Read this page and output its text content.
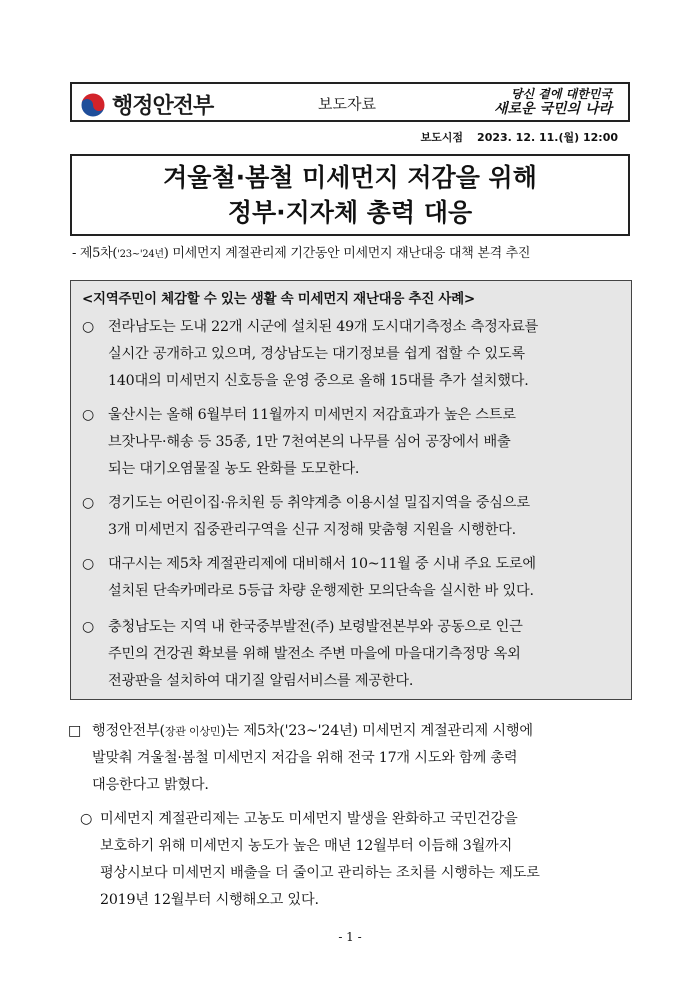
행정안전부	보도자료
당신 곁에 대한민국
새로운 국민의 나라
보도시점 2023. 12. 11.(월) 12:00
겨울철·봄철 미세먼지 저감을 위해
정부·지자체 총력 대응
- 제5차('23~'24년) 미세먼지 계절관리제 기간동안 미세먼지 재난대응 대책 본격 추진
<지역주민이 체감할 수 있는 생활 속 미세먼지 재난대응 추진 사례>
○ 전라남도는 도내 22개 시군에 설치된 49개 도시대기측정소 측정자료를
실시간 공개하고 있으며, 경상남도는 대기정보를 쉽게 접할 수 있도록
140대의 미세먼지 신호등을 운영 중으로 올해 15대를 추가 설치했다.

○ 울산시는 올해 6월부터 11월까지 미세먼지 저감효과가 높은 스트로
브잣나무·해송 등 35종, 1만 7천여본의 나무를 심어 공장에서 배출
되는 대기오염물질 농도 완화를 도모한다.

○ 경기도는 어린이집·유치원 등 취약계층 이용시설 밀집지역을 중심으로
3개 미세먼지 집중관리구역을 신규 지정해 맞춤형 지원을 시행한다.

○ 대구시는 제5차 계절관리제에 대비해서 10~11월 중 시내 주요 도로에
설치된 단속카메라로 5등급 차량 운행제한 모의단속을 실시한 바 있다.

○ 충청남도는 지역 내 한국중부발전(주) 보령발전본부와 공동으로 인근
주민의 건강권 확보를 위해 발전소 주변 마을에 마을대기측정망 옥외
전광판을 설치하여 대기질 알림서비스를 제공한다.

□ 행정안전부(장관 이상민)는 제5차('23~'24년) 미세먼지 계절관리제 시행에
발맞춰 겨울철·봄철 미세먼지 저감을 위해 전국 17개 시도와 함께 총력
대응한다고 밝혔다.
○ 미세먼지 계절관리제는 고농도 미세먼지 발생을 완화하고 국민건강을
보호하기 위해 미세먼지 농도가 높은 매년 12월부터 이듬해 3월까지
평상시보다 미세먼지 배출을 더 줄이고 관리하는 조치를 시행하는 제도로
2019년 12월부터 시행해오고 있다.
- 1 -
